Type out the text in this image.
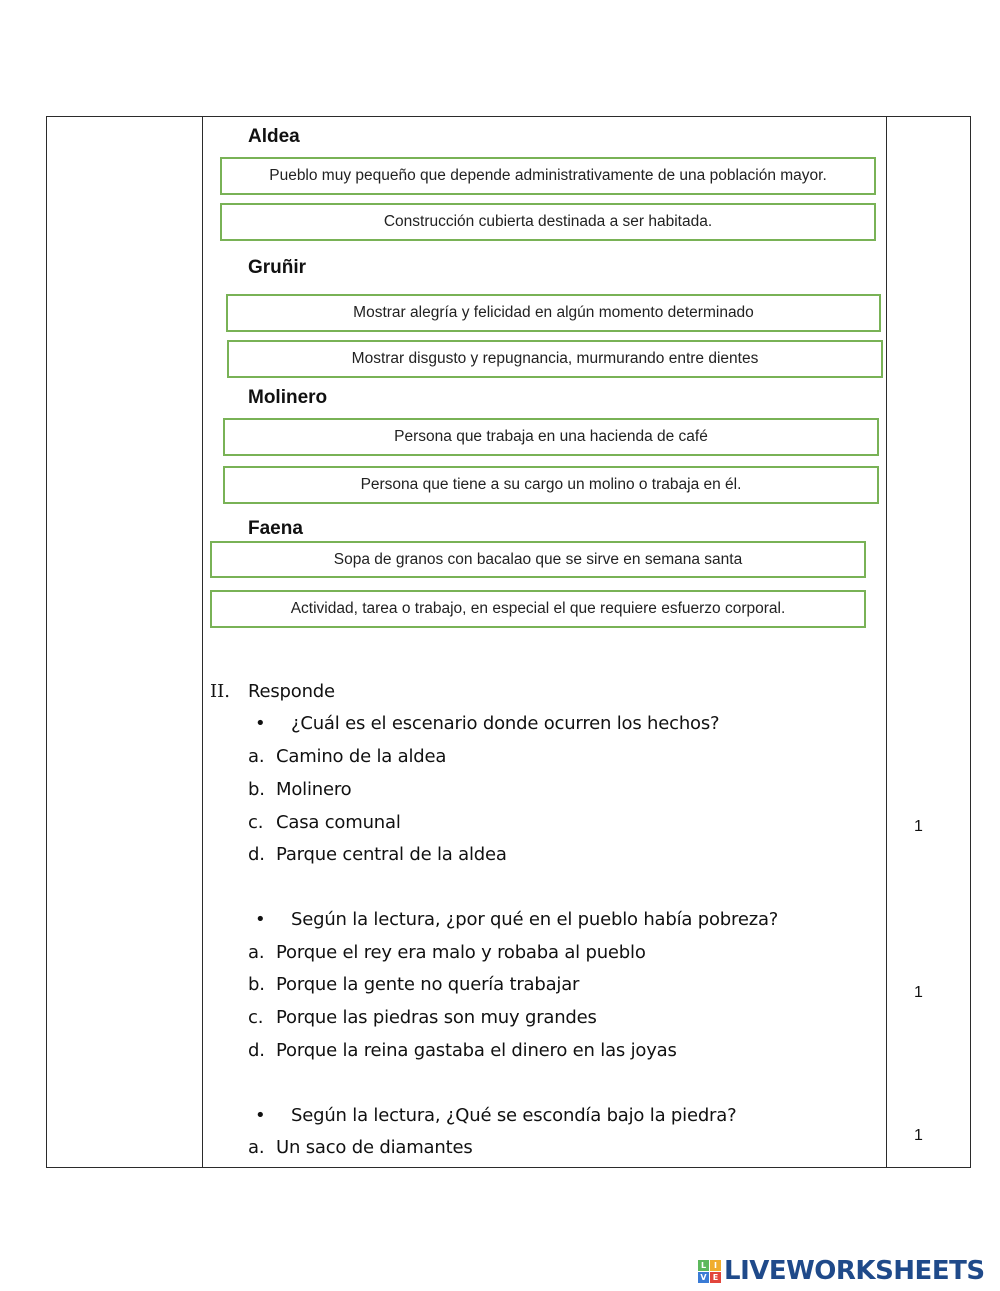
Aldea
Pueblo muy pequeño que depende administrativamente de una población mayor.
Construcción cubierta destinada a ser habitada.
Gruñir
Mostrar alegría y felicidad en algún momento determinado
Mostrar disgusto y repugnancia, murmurando entre dientes
Molinero
Persona que trabaja en una hacienda de café
Persona que tiene a su cargo un molino o trabaja en él.
Faena
Sopa de granos con bacalao que se sirve en semana santa
Actividad, tarea o trabajo, en especial el que requiere esfuerzo corporal.
II. Responde
• ¿Cuál es el escenario donde ocurren los hechos?
a. Camino de la aldea
b. Molinero
c. Casa comunal
d. Parque central de la aldea
1
• Según la lectura, ¿por qué en el pueblo había pobreza?
a. Porque el rey era malo y robaba al pueblo
b. Porque la gente no quería trabajar
c. Porque las piedras son muy grandes
d. Porque la reina gastaba el dinero en las joyas
1
• Según la lectura, ¿Qué se escondía bajo la piedra?
a. Un saco de diamantes
1
L I
V E LIVEWORKSHEETS
